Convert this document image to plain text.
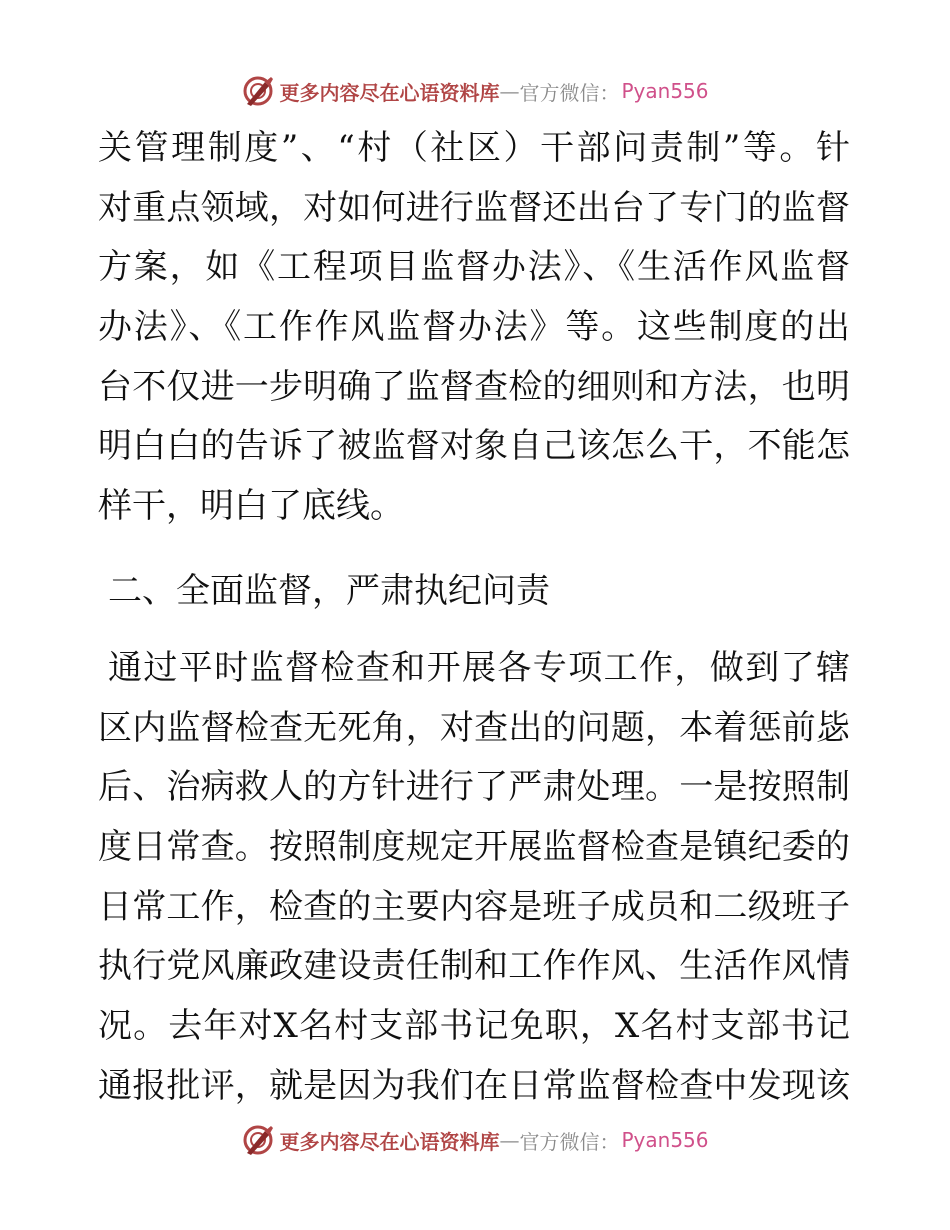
更多内容尽在心语资料库 — 官方微信： Pyan556
关管理制度”、“村（社区）干部问责制”等。针
对重点领域，对如何进行监督还出台了专门的监督
方案，如《工程项目监督办法》、《生活作风监督
办法》、《工作作风监督办法》等。这些制度的出
台不仅进一步明确了监督查检的细则和方法，也明
明白白的告诉了被监督对象自己该怎么干，不能怎
样干，明白了底线。
二、全面监督，严肃执纪问责
通过平时监督检查和开展各专项工作，做到了辖
区内监督检查无死角，对查出的问题，本着惩前毖
后、治病救人的方针进行了严肃处理。一是按照制
度日常查。按照制度规定开展监督检查是镇纪委的
日常工作，检查的主要内容是班子成员和二级班子
执行党风廉政建设责任制和工作作风、生活作风情
况。去年对X名村支部书记免职，X名村支部书记
通报批评，就是因为我们在日常监督检查中发现该
更多内容尽在心语资料库 — 官方微信： Pyan556
